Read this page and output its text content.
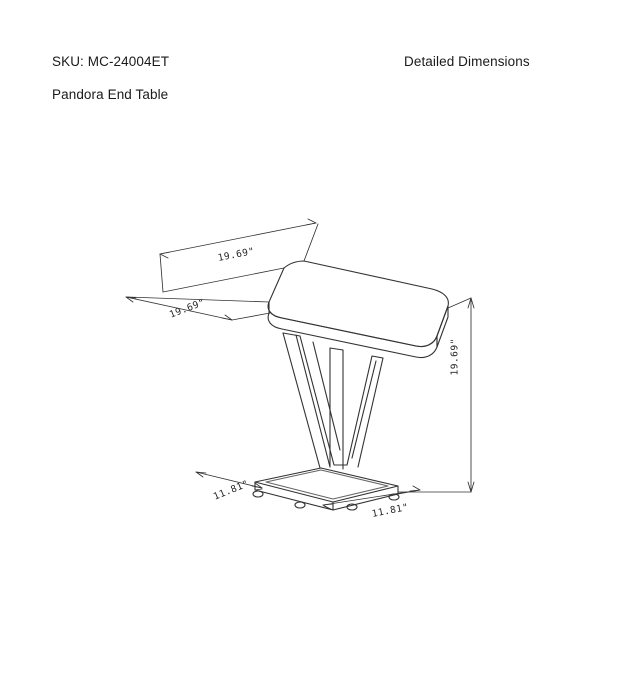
SKU: MC-24004ET	Detailed Dimensions
Pandora End Table
19.69"
19.69"
19.69"
11.81"
11.81"
